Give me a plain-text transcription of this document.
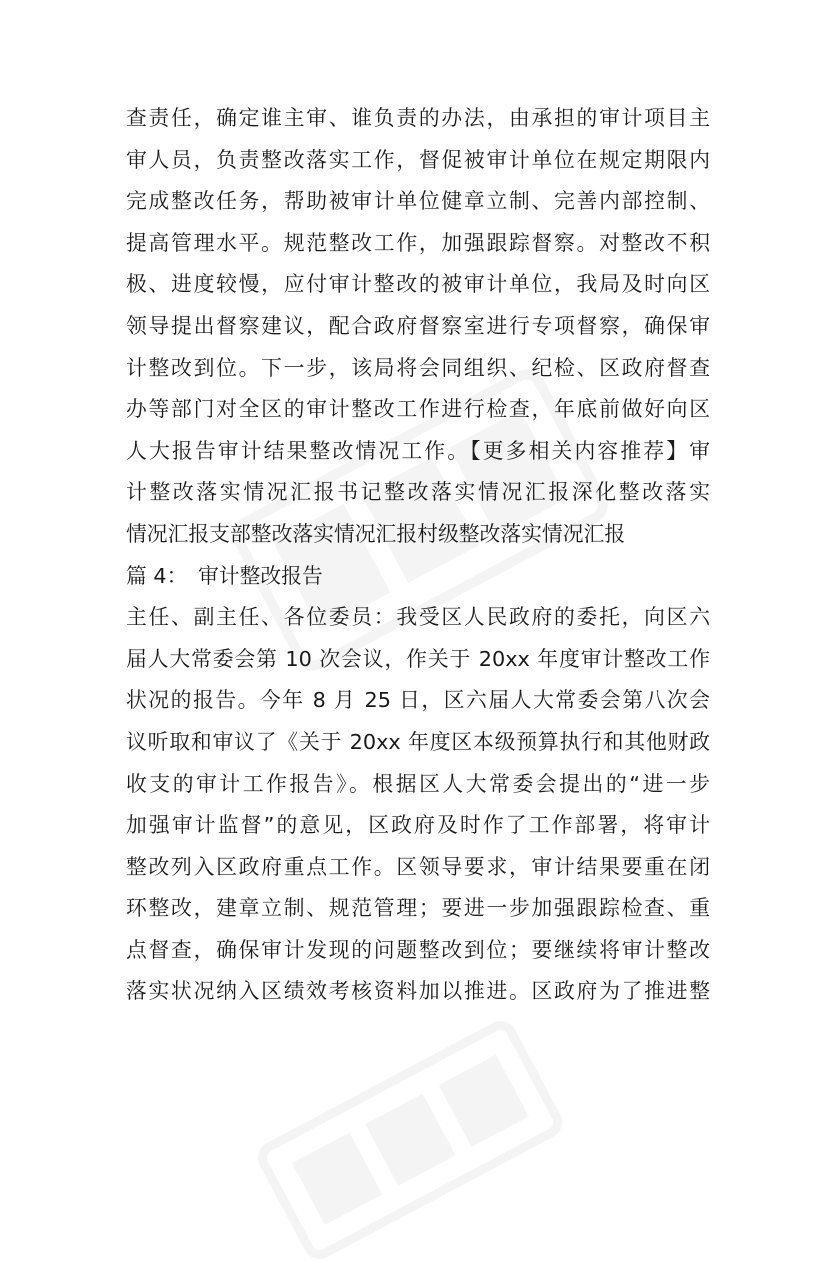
查责任，确定谁主审、谁负责的办法，由承担的审计项目主
审人员，负责整改落实工作，督促被审计单位在规定期限内
完成整改任务，帮助被审计单位健章立制、完善内部控制、
提高管理水平。规范整改工作，加强跟踪督察。对整改不积
极、进度较慢，应付审计整改的被审计单位，我局及时向区
领导提出督察建议，配合政府督察室进行专项督察，确保审
计整改到位。下一步，该局将会同组织、纪检、区政府督查
办等部门对全区的审计整改工作进行检查，年底前做好向区
人大报告审计结果整改情况工作。【更多相关内容推荐】审
计整改落实情况汇报书记整改落实情况汇报深化整改落实
情况汇报支部整改落实情况汇报村级整改落实情况汇报
篇 4： 审计整改报告
主任、副主任、各位委员：我受区人民政府的委托，向区六
届人大常委会第 10 次会议，作关于 20xx 年度审计整改工作
状况的报告。今年 8 月 25 日，区六届人大常委会第八次会
议听取和审议了《关于 20xx 年度区本级预算执行和其他财政
收支的审计工作报告》。根据区人大常委会提出的“进一步
加强审计监督”的意见，区政府及时作了工作部署，将审计
整改列入区政府重点工作。区领导要求，审计结果要重在闭
环整改，建章立制、规范管理；要进一步加强跟踪检查、重
点督查，确保审计发现的问题整改到位；要继续将审计整改
落实状况纳入区绩效考核资料加以推进。区政府为了推进整
